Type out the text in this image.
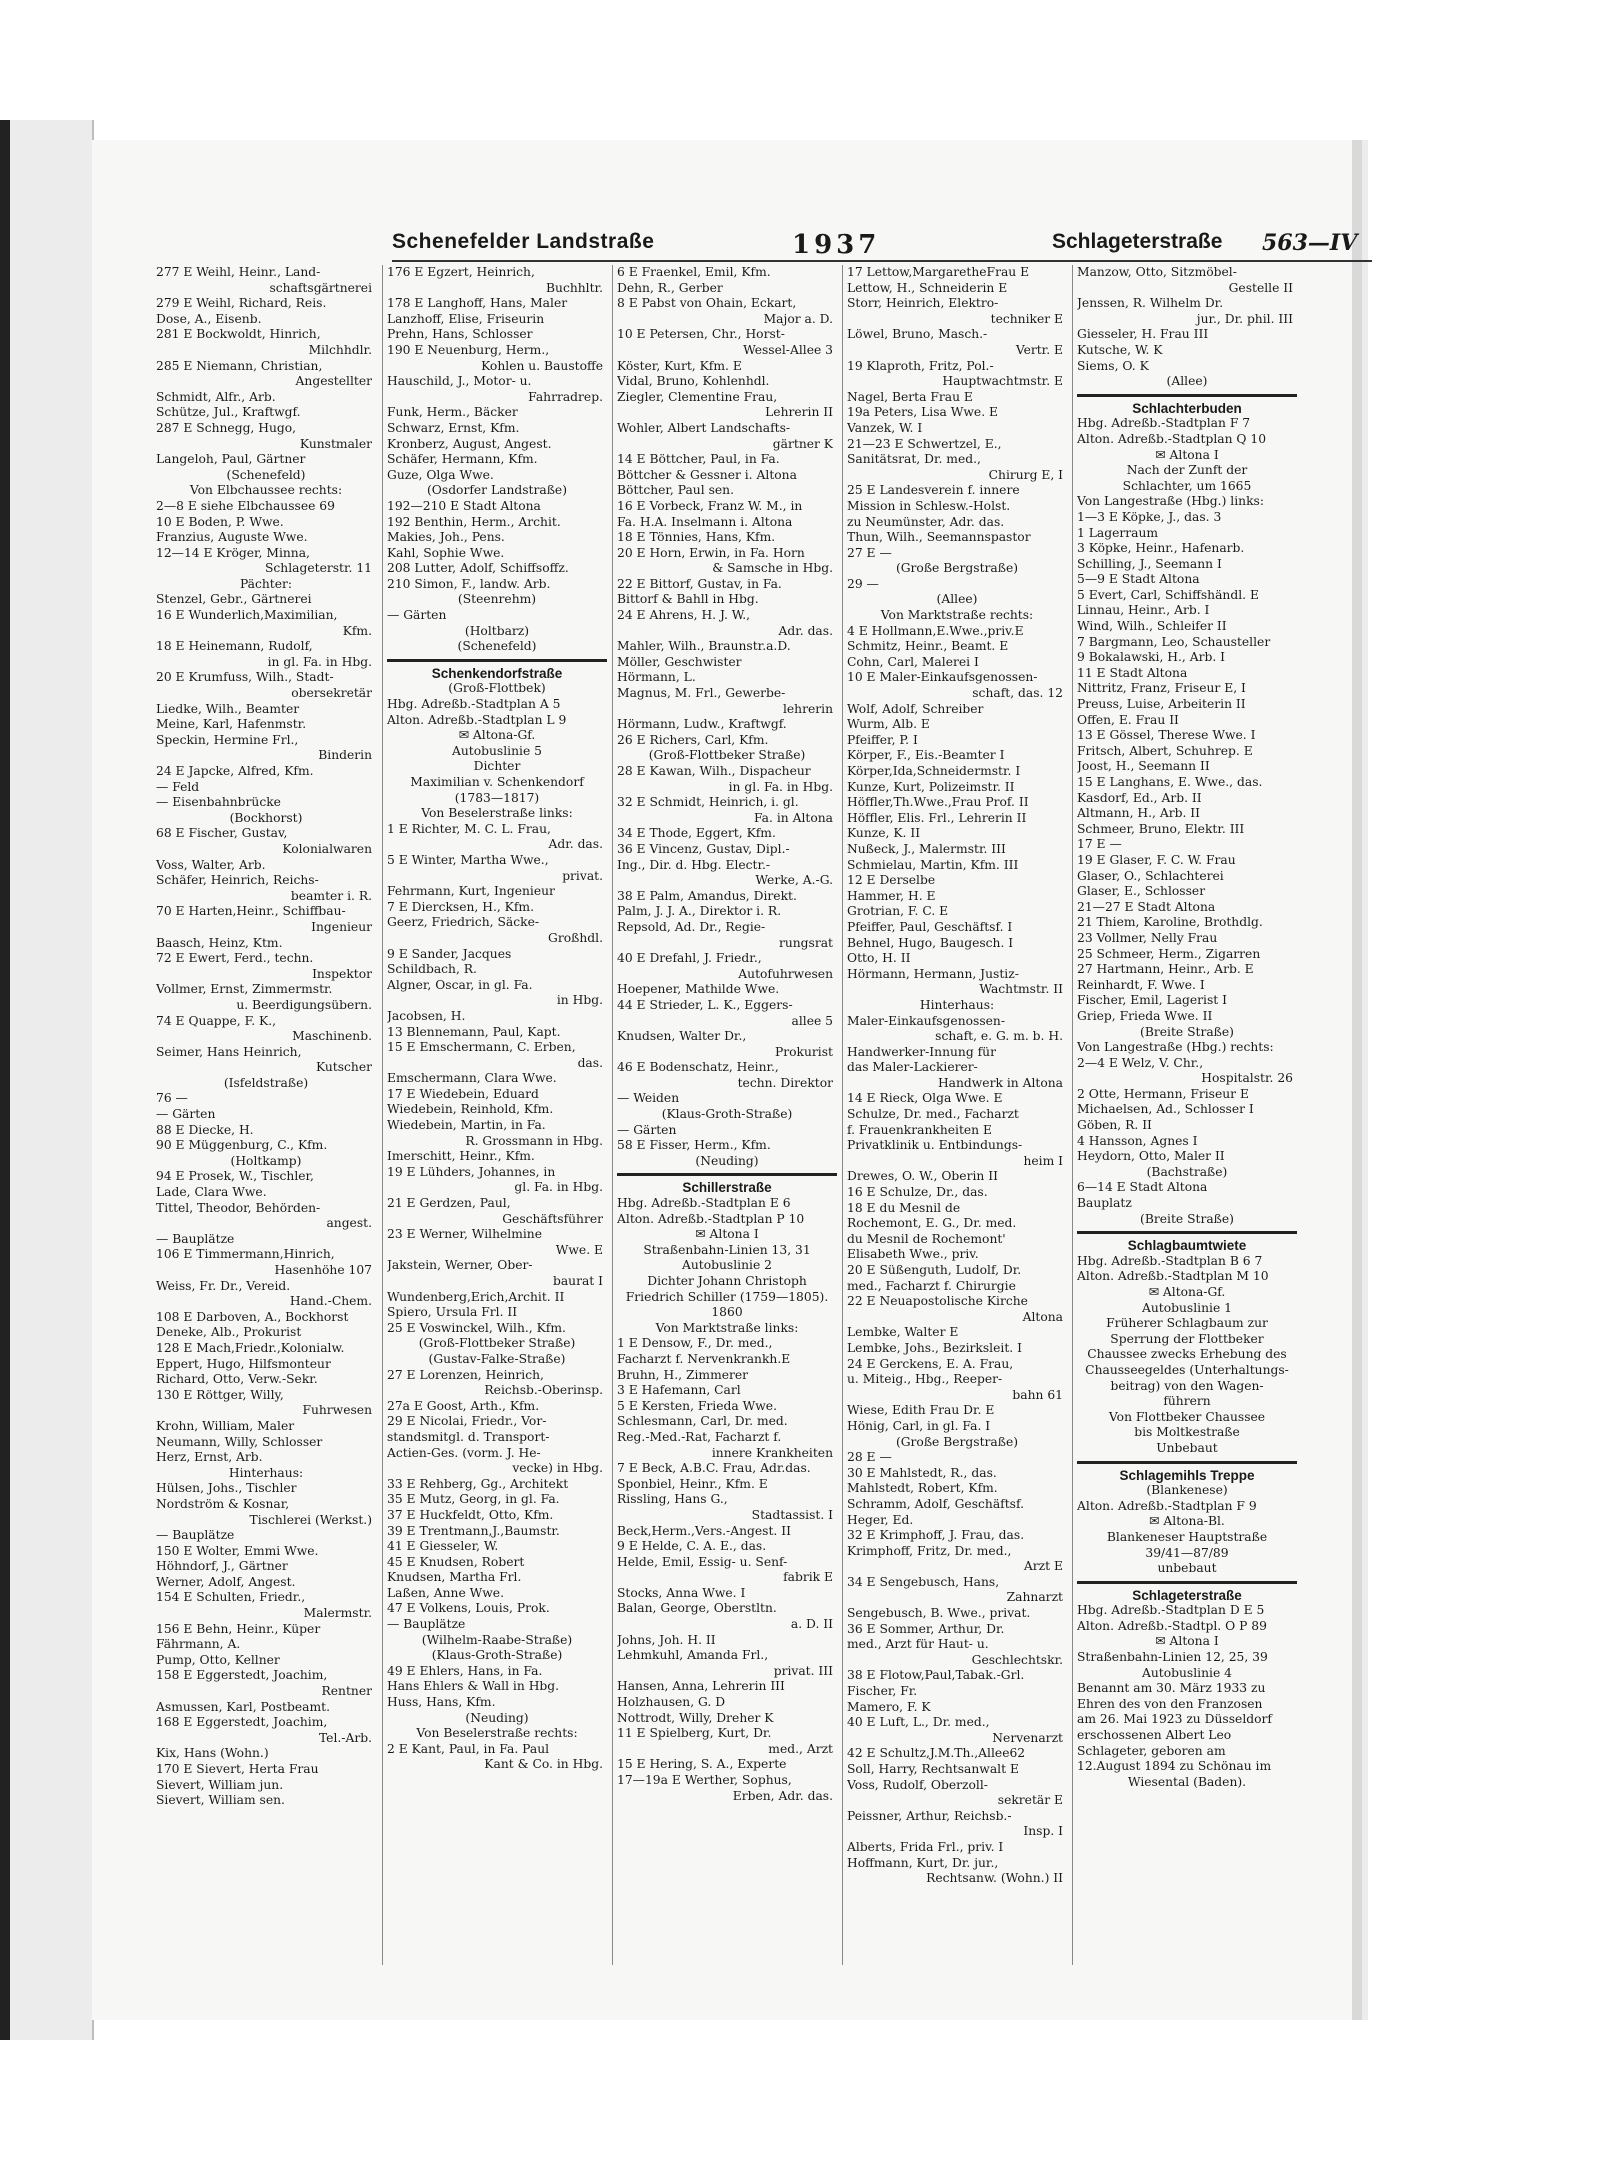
Schenefelder Landstraße	1937	Schlageterstraße 563—IV
277 E Weihl, Heinr., Land-
schaftsgärtnerei
279 E Weihl, Richard, Reis.
Dose, A., Eisenb.
281 E Bockwoldt, Hinrich,
Milchhdlr.
285 E Niemann, Christian,
Angestellter
Schmidt, Alfr., Arb.
Schütze, Jul., Kraftwgf.
287 E Schnegg, Hugo,
Kunstmaler
Langeloh, Paul, Gärtner
(Schenefeld)
Von Elbchaussee rechts:
2—8 E siehe Elbchaussee 69
10 E Boden, P. Wwe.
Franzius, Auguste Wwe.
12—14 E Kröger, Minna,
Schlageterstr. 11
Pächter:
Stenzel, Gebr., Gärtnerei
16 E Wunderlich,Maximilian,
Kfm.
18 E Heinemann, Rudolf,
in gl. Fa. in Hbg.
20 E Krumfuss, Wilh., Stadt-
obersekretär
Liedke, Wilh., Beamter
Meine, Karl, Hafenmstr.
Speckin, Hermine Frl.,
Binderin
24 E Japcke, Alfred, Kfm.
— Feld
— Eisenbahnbrücke
(Bockhorst)
68 E Fischer, Gustav,
Kolonialwaren
Voss, Walter, Arb.
Schäfer, Heinrich, Reichs-
beamter i. R.
70 E Harten,Heinr., Schiffbau-
Ingenieur
Baasch, Heinz, Ktm.
72 E Ewert, Ferd., techn.
Inspektor
Vollmer, Ernst, Zimmermstr.
u. Beerdigungsübern.
74 E Quappe, F. K.,
Maschinenb.
Seimer, Hans Heinrich,
Kutscher
(Isfeldstraße)
76 —
— Gärten
88 E Diecke, H.
90 E Müggenburg, C., Kfm.
(Holtkamp)
94 E Prosek, W., Tischler,
Lade, Clara Wwe.
Tittel, Theodor, Behörden-
angest.
— Bauplätze
106 E Timmermann,Hinrich,
Hasenhöhe 107
Weiss, Fr. Dr., Vereid.
Hand.-Chem.
108 E Darboven, A., Bockhorst
Deneke, Alb., Prokurist
128 E Mach,Friedr.,Kolonialw.
Eppert, Hugo, Hilfsmonteur
Richard, Otto, Verw.-Sekr.
130 E Röttger, Willy,
Fuhrwesen
Krohn, William, Maler
Neumann, Willy, Schlosser
Herz, Ernst, Arb.
Hinterhaus:
Hülsen, Johs., Tischler
Nordström & Kosnar,
Tischlerei (Werkst.)
— Bauplätze
150 E Wolter, Emmi Wwe.
Höhndorf, J., Gärtner
Werner, Adolf, Angest.
154 E Schulten, Friedr.,
Malermstr.
156 E Behn, Heinr., Küper
Fährmann, A.
Pump, Otto, Kellner
158 E Eggerstedt, Joachim,
Rentner
Asmussen, Karl, Postbeamt.
168 E Eggerstedt, Joachim,
Tel.-Arb.
Kix, Hans (Wohn.)
170 E Sievert, Herta Frau
Sievert, William jun.
Sievert, William sen.
176 E Egzert, Heinrich,
Buchhltr.
178 E Langhoff, Hans, Maler
Lanzhoff, Elise, Friseurin
Prehn, Hans, Schlosser
190 E Neuenburg, Herm.,
Kohlen u. Baustoffe
Hauschild, J., Motor- u.
Fahrradrep.
Funk, Herm., Bäcker
Schwarz, Ernst, Kfm.
Kronberz, August, Angest.
Schäfer, Hermann, Kfm.
Guze, Olga Wwe.
(Osdorfer Landstraße)
192—210 E Stadt Altona
192 Benthin, Herm., Archit.
Makies, Joh., Pens.
Kahl, Sophie Wwe.
208 Lutter, Adolf, Schiffsoffz.
210 Simon, F., landw. Arb.
(Steenrehm)
— Gärten
(Holtbarz)
(Schenefeld)
Schenkendorfstraße
(Groß-Flottbek)
Hbg. Adreßb.-Stadtplan A 5
Alton. Adreßb.-Stadtplan L 9
✉ Altona-Gf.
Autobuslinie 5
Dichter
Maximilian v. Schenkendorf
(1783—1817)
Von Beselerstraße links:
1 E Richter, M. C. L. Frau,
Adr. das.
5 E Winter, Martha Wwe.,
privat.
Fehrmann, Kurt, Ingenieur
7 E Diercksen, H., Kfm.
Geerz, Friedrich, Säcke-
Großhdl.
9 E Sander, Jacques
Schildbach, R.
Algner, Oscar, in gl. Fa.
in Hbg.
Jacobsen, H.
13 Blennemann, Paul, Kapt.
15 E Emschermann, C. Erben,
das.
Emschermann, Clara Wwe.
17 E Wiedebein, Eduard
Wiedebein, Reinhold, Kfm.
Wiedebein, Martin, in Fa.
R. Grossmann in Hbg.
Imerschitt, Heinr., Kfm.
19 E Lühders, Johannes, in
gl. Fa. in Hbg.
21 E Gerdzen, Paul,
Geschäftsführer
23 E Werner, Wilhelmine
Wwe. E
Jakstein, Werner, Ober-
baurat I
Wundenberg,Erich,Archit. II
Spiero, Ursula Frl. II
25 E Voswinckel, Wilh., Kfm.
(Groß-Flottbeker Straße)
(Gustav-Falke-Straße)
27 E Lorenzen, Heinrich,
Reichsb.-Oberinsp.
27a E Goost, Arth., Kfm.
29 E Nicolai, Friedr., Vor-
standsmitgl. d. Transport-
Actien-Ges. (vorm. J. He-
vecke) in Hbg.
33 E Rehberg, Gg., Architekt
35 E Mutz, Georg, in gl. Fa.
37 E Huckfeldt, Otto, Kfm.
39 E Trentmann,J.,Baumstr.
41 E Giesseler, W.
45 E Knudsen, Robert
Knudsen, Martha Frl.
Laßen, Anne Wwe.
47 E Volkens, Louis, Prok.
— Bauplätze
(Wilhelm-Raabe-Straße)
(Klaus-Groth-Straße)
49 E Ehlers, Hans, in Fa.
Hans Ehlers & Wall in Hbg.
Huss, Hans, Kfm.
(Neuding)
Von Beselerstraße rechts:
2 E Kant, Paul, in Fa. Paul
Kant & Co. in Hbg.
6 E Fraenkel, Emil, Kfm.
Dehn, R., Gerber
8 E Pabst von Ohain, Eckart,
Major a. D.
10 E Petersen, Chr., Horst-
Wessel-Allee 3
Köster, Kurt, Kfm. E
Vidal, Bruno, Kohlenhdl.
Ziegler, Clementine Frau,
Lehrerin II
Wohler, Albert Landschafts-
gärtner K
14 E Böttcher, Paul, in Fa.
Böttcher & Gessner i. Altona
Böttcher, Paul sen.
16 E Vorbeck, Franz W. M., in
Fa. H.A. Inselmann i. Altona
18 E Tönnies, Hans, Kfm.
20 E Horn, Erwin, in Fa. Horn
& Samsche in Hbg.
22 E Bittorf, Gustav, in Fa.
Bittorf & Bahll in Hbg.
24 E Ahrens, H. J. W.,
Adr. das.
Mahler, Wilh., Braunstr.a.D.
Möller, Geschwister
Hörmann, L.
Magnus, M. Frl., Gewerbe-
lehrerin
Hörmann, Ludw., Kraftwgf.
26 E Richers, Carl, Kfm.
(Groß-Flottbeker Straße)
28 E Kawan, Wilh., Dispacheur
in gl. Fa. in Hbg.
32 E Schmidt, Heinrich, i. gl.
Fa. in Altona
34 E Thode, Eggert, Kfm.
36 E Vincenz, Gustav, Dipl.-
Ing., Dir. d. Hbg. Electr.-
Werke, A.-G.
38 E Palm, Amandus, Direkt.
Palm, J. J. A., Direktor i. R.
Repsold, Ad. Dr., Regie-
rungsrat
40 E Drefahl, J. Friedr.,
Autofuhrwesen
Hoepener, Mathilde Wwe.
44 E Strieder, L. K., Eggers-
allee 5
Knudsen, Walter Dr.,
Prokurist
46 E Bodenschatz, Heinr.,
techn. Direktor
— Weiden
(Klaus-Groth-Straße)
— Gärten
58 E Fisser, Herm., Kfm.
(Neuding)
Schillerstraße
Hbg. Adreßb.-Stadtplan E 6
Alton. Adreßb.-Stadtplan P 10
✉ Altona I
Straßenbahn-Linien 13, 31
Autobuslinie 2
Dichter Johann Christoph
Friedrich Schiller (1759—1805).
1860
Von Marktstraße links:
1 E Densow, F., Dr. med.,
Facharzt f. Nervenkrankh.E
Bruhn, H., Zimmerer
3 E Hafemann, Carl
5 E Kersten, Frieda Wwe.
Schlesmann, Carl, Dr. med.
Reg.-Med.-Rat, Facharzt f.
innere Krankheiten
7 E Beck, A.B.C. Frau, Adr.das.
Sponbiel, Heinr., Kfm. E
Rissling, Hans G.,
Stadtassist. I
Beck,Herm.,Vers.-Angest. II
9 E Helde, C. A. E., das.
Helde, Emil, Essig- u. Senf-
fabrik E
Stocks, Anna Wwe. I
Balan, George, Oberstltn.
a. D. II
Johns, Joh. H. II
Lehmkuhl, Amanda Frl.,
privat. III
Hansen, Anna, Lehrerin III
Holzhausen, G. D
Nottrodt, Willy, Dreher K
11 E Spielberg, Kurt, Dr.
med., Arzt
15 E Hering, S. A., Experte
17—19a E Werther, Sophus,
Erben, Adr. das.
17 Lettow,MargaretheFrau E
Lettow, H., Schneiderin E
Storr, Heinrich, Elektro-
techniker E
Löwel, Bruno, Masch.-
Vertr. E
19 Klaproth, Fritz, Pol.-
Hauptwachtmstr. E
Nagel, Berta Frau E
19a Peters, Lisa Wwe. E
Vanzek, W. I
21—23 E Schwertzel, E.,
Sanitätsrat, Dr. med.,
Chirurg E, I
25 E Landesverein f. innere
Mission in Schlesw.-Holst.
zu Neumünster, Adr. das.
Thun, Wilh., Seemannspastor
27 E —
(Große Bergstraße)
29 —
(Allee)
Von Marktstraße rechts:
4 E Hollmann,E.Wwe.,priv.E
Schmitz, Heinr., Beamt. E
Cohn, Carl, Malerei I
10 E Maler-Einkaufsgenossen-
schaft, das. 12
Wolf, Adolf, Schreiber
Wurm, Alb. E
Pfeiffer, P. I
Körper, F., Eis.-Beamter I
Körper,Ida,Schneidermstr. I
Kunze, Kurt, Polizeimstr. II
Höffler,Th.Wwe.,Frau Prof. II
Höffler, Elis. Frl., Lehrerin II
Kunze, K. II
Nußeck, J., Malermstr. III
Schmielau, Martin, Kfm. III
12 E Derselbe
Hammer, H. E
Grotrian, F. C. E
Pfeiffer, Paul, Geschäftsf. I
Behnel, Hugo, Baugesch. I
Otto, H. II
Hörmann, Hermann, Justiz-
Wachtmstr. II
Hinterhaus:
Maler-Einkaufsgenossen-
schaft, e. G. m. b. H.
Handwerker-Innung für
das Maler-Lackierer-
Handwerk in Altona
14 E Rieck, Olga Wwe. E
Schulze, Dr. med., Facharzt
f. Frauenkrankheiten E
Privatklinik u. Entbindungs-
heim I
Drewes, O. W., Oberin II
16 E Schulze, Dr., das.
18 E du Mesnil de
Rochemont, E. G., Dr. med.
du Mesnil de Rochemont'
Elisabeth Wwe., priv.
20 E Süßenguth, Ludolf, Dr.
med., Facharzt f. Chirurgie
22 E Neuapostolische Kirche
Altona
Lembke, Walter E
Lembke, Johs., Bezirksleit. I
24 E Gerckens, E. A. Frau,
u. Miteig., Hbg., Reeper-
bahn 61
Wiese, Edith Frau Dr. E
Hönig, Carl, in gl. Fa. I
(Große Bergstraße)
28 E —
30 E Mahlstedt, R., das.
Mahlstedt, Robert, Kfm.
Schramm, Adolf, Geschäftsf.
Heger, Ed.
32 E Krimphoff, J. Frau, das.
Krimphoff, Fritz, Dr. med.,
Arzt E
34 E Sengebusch, Hans,
Zahnarzt
Sengebusch, B. Wwe., privat.
36 E Sommer, Arthur, Dr.
med., Arzt für Haut- u.
Geschlechtskr.
38 E Flotow,Paul,Tabak.-Grl.
Fischer, Fr.
Mamero, F. K
40 E Luft, L., Dr. med.,
Nervenarzt
42 E Schultz,J.M.Th.,Allee62
Soll, Harry, Rechtsanwalt E
Voss, Rudolf, Oberzoll-
sekretär E
Peissner, Arthur, Reichsb.-
Insp. I
Alberts, Frida Frl., priv. I
Hoffmann, Kurt, Dr. jur.,
Rechtsanw. (Wohn.) II
Manzow, Otto, Sitzmöbel-
Gestelle II
Jenssen, R. Wilhelm Dr.
jur., Dr. phil. III
Giesseler, H. Frau III
Kutsche, W. K
Siems, O. K
(Allee)
Schlachterbuden
Hbg. Adreßb.-Stadtplan F 7
Alton. Adreßb.-Stadtplan Q 10
✉ Altona I
Nach der Zunft der
Schlachter, um 1665
Von Langestraße (Hbg.) links:
1—3 E Köpke, J., das. 3
1 Lagerraum
3 Köpke, Heinr., Hafenarb.
Schilling, J., Seemann I
5—9 E Stadt Altona
5 Evert, Carl, Schiffshändl. E
Linnau, Heinr., Arb. I
Wind, Wilh., Schleifer II
7 Bargmann, Leo, Schausteller
9 Bokalawski, H., Arb. I
11 E Stadt Altona
Nittritz, Franz, Friseur E, I
Preuss, Luise, Arbeiterin II
Offen, E. Frau II
13 E Gössel, Therese Wwe. I
Fritsch, Albert, Schuhrep. E
Joost, H., Seemann II
15 E Langhans, E. Wwe., das.
Kasdorf, Ed., Arb. II
Altmann, H., Arb. II
Schmeer, Bruno, Elektr. III
17 E —
19 E Glaser, F. C. W. Frau
Glaser, O., Schlachterei
Glaser, E., Schlosser
21—27 E Stadt Altona
21 Thiem, Karoline, Brothdlg.
23 Vollmer, Nelly Frau
25 Schmeer, Herm., Zigarren
27 Hartmann, Heinr., Arb. E
Reinhardt, F. Wwe. I
Fischer, Emil, Lagerist I
Griep, Frieda Wwe. II
(Breite Straße)
Von Langestraße (Hbg.) rechts:
2—4 E Welz, V. Chr.,
Hospitalstr. 26
2 Otte, Hermann, Friseur E
Michaelsen, Ad., Schlosser I
Göben, R. II
4 Hansson, Agnes I
Heydorn, Otto, Maler II
(Bachstraße)
6—14 E Stadt Altona
Bauplatz
(Breite Straße)
Schlagbaumtwiete
Hbg. Adreßb.-Stadtplan B 6 7
Alton. Adreßb.-Stadtplan M 10
✉ Altona-Gf.
Autobuslinie 1
Früherer Schlagbaum zur
Sperrung der Flottbeker
Chaussee zwecks Erhebung des
Chausseegeldes (Unterhaltungs-
beitrag) von den Wagen-
führern
Von Flottbeker Chaussee
bis Moltkestraße
Unbebaut
Schlagemihls Treppe
(Blankenese)
Alton. Adreßb.-Stadtplan F 9
✉ Altona-Bl.
Blankeneser Hauptstraße
39/41—87/89
unbebaut
Schlageterstraße
Hbg. Adreßb.-Stadtplan D E 5
Alton. Adreßb.-Stadtpl. O P 89
✉ Altona I
Straßenbahn-Linien 12, 25, 39
Autobuslinie 4
Benannt am 30. März 1933 zu
Ehren des von den Franzosen
am 26. Mai 1923 zu Düsseldorf
erschossenen Albert Leo
Schlageter, geboren am
12.August 1894 zu Schönau im
Wiesental (Baden).
